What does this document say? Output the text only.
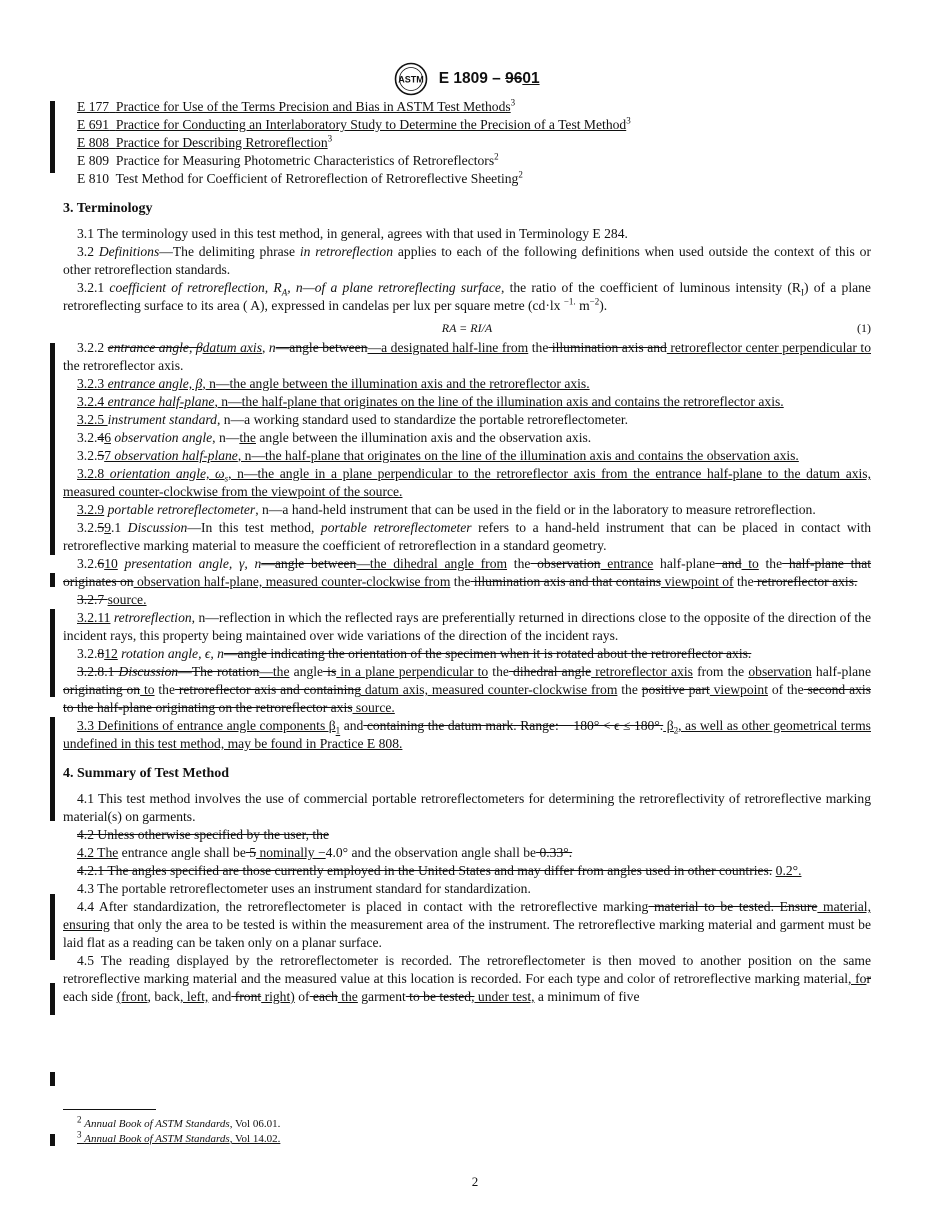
ASTM E 1809 – 9601
E 177 Practice for Use of the Terms Precision and Bias in ASTM Test Methods$^3$
E 691 Practice for Conducting an Interlaboratory Study to Determine the Precision of a Test Method$^3$
E 808 Practice for Describing Retroreflection$^3$
E 809 Practice for Measuring Photometric Characteristics of Retroreflectors$^2$
E 810 Test Method for Coefficient of Retroreflection of Retroreflective Sheeting$^2$
3. Terminology

3.1 The terminology used in this test method, in general, agrees with that used in Terminology E 284.

3.2 Definitions—The delimiting phrase in retroreflection applies to each of the following definitions when used outside the context of this or other retroreflection standards.

3.2.1 coefficient of retroreflection, $R_A$, n—of a plane retroreflecting surface, the ratio of the coefficient of luminous intensity $(R_I)$ of a plane retroreflecting surface to its area ( A), expressed in candelas per lux per square metre (cd·lx $^{-1.}$ $m^{-2}$).

RA = RI/A	(1)

3.2.2 entrance angle, βdatum axis, n—angle between—a designated half-line from the illumination axis and retroreflector center perpendicular to the retroreflector axis.

3.2.3 entrance angle, β, n—the angle between the illumination axis and the retroreflector axis.

3.2.4 entrance half-plane, n—the half-plane that originates on the line of the illumination axis and contains the retroreflector axis.

3.2.5 instrument standard, n—a working standard used to standardize the portable retroreflectometer.

3.2.46 observation angle, n—the angle between the illumination axis and the observation axis.

3.2.57 observation half-plane, n—the half-plane that originates on the line of the illumination axis and contains the observation axis.

3.2.8 orientation angle, $\omega_s$, n—the angle in a plane perpendicular to the retroreflector axis from the entrance half-plane to the datum axis, measured counter-clockwise from the viewpoint of the source.

3.2.9 portable retroreflectometer, n—a hand-held instrument that can be used in the field or in the laboratory to measure retroreflection.

3.2.59.1 Discussion—In this test method, portable retroreflectometer refers to a hand-held instrument that can be placed in contact with retroreflective marking material to measure the coefficient of retroreflection in a standard geometry.

3.2.610 presentation angle, γ, n—angle between—the dihedral angle from the observation entrance half-plane and to the half-plane that originates on observation half-plane, measured counter-clockwise from the illumination axis and that contains viewpoint of the retroreflector axis.

3.2.7 source.

3.2.11 retroreflection, n—reflection in which the reflected rays are preferentially returned in directions close to the opposite of the direction of the incident rays, this property being maintained over wide variations of the direction of the incident rays.

3.2.812 rotation angle, ϵ, n—angle indicating the orientation of the specimen when it is rotated about the retroreflector axis.

3.2.8.1 Discussion—The rotation—the angle is in a plane perpendicular to the dihedral angle retroreflector axis from the observation half-plane originating on to the retroreflector axis and containing datum axis, measured counter-clockwise from the positive part viewpoint of the second axis to the half-plane originating on the retroreflector axis source.

3.3 Definitions of entrance angle components $\beta_1$ and containing the datum mark. Range: − 180° < ϵ ≤ 180°. $\beta_2$, as well as other geometrical terms undefined in this test method, may be found in Practice E 808.

4. Summary of Test Method

4.1 This test method involves the use of commercial portable retroreflectometers for determining the retroreflectivity of retroreflective marking material(s) on garments.

4.2 Unless otherwise specified by the user, the

4.2 The entrance angle shall be 5 nominally −4.0° and the observation angle shall be 0.33°.

4.2.1 The angles specified are those currently employed in the United States and may differ from angles used in other countries. 0.2°.

4.3 The portable retroreflectometer uses an instrument standard for standardization.

4.4 After standardization, the retroreflectometer is placed in contact with the retroreflective marking material to be tested. Ensure material, ensuring that only the area to be tested is within the measurement area of the instrument. The retroreflective marking material and garment must be laid flat as a reading can be taken only on a planar surface.

4.5 The reading displayed by the retroreflectometer is recorded. The retroreflectometer is then moved to another position on the same retroreflective marking material and the measured value at this location is recorded. For each type and color of retroreflective marking material, for each side (front, back, left, and front right) of each the garment to be tested, under test, a minimum of five

$^2$ Annual Book of ASTM Standards, Vol 06.01.
$^3$ Annual Book of ASTM Standards, Vol 14.02.
2
